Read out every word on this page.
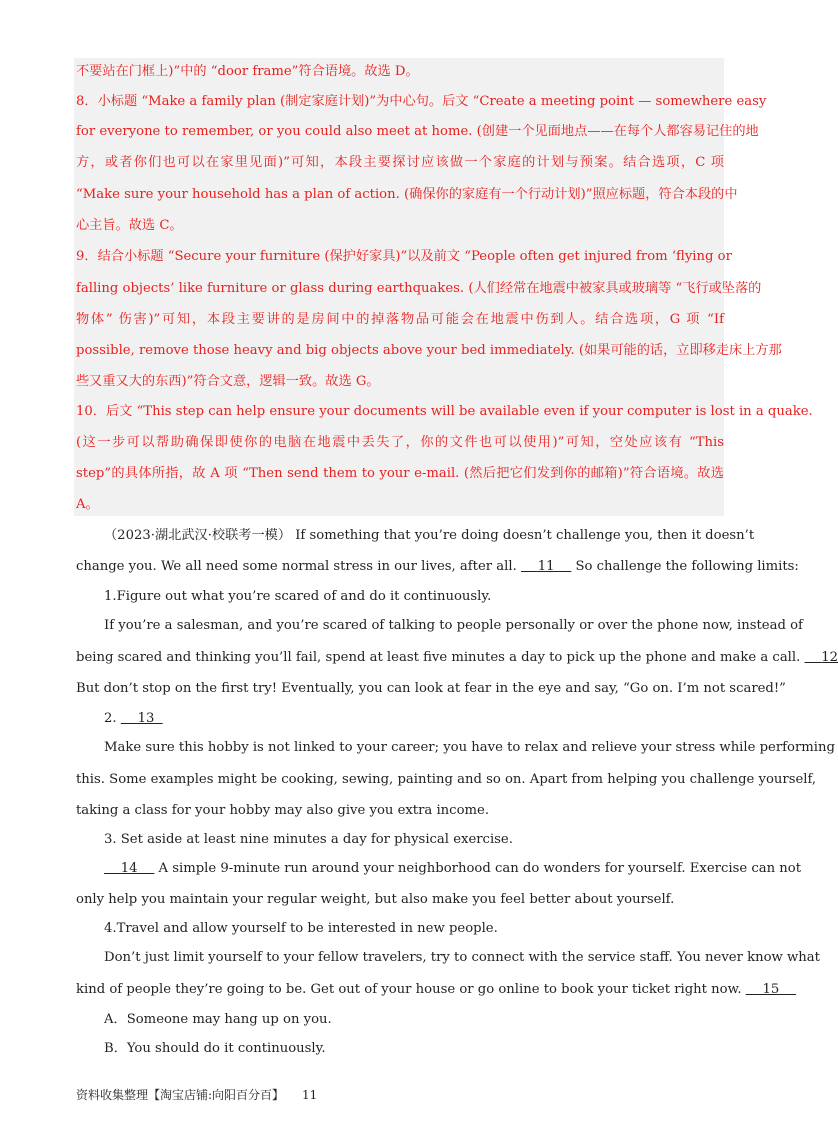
不要站在门框上)”中的 “door frame”符合语境。故选 D。
8．小标题 “Make a family plan (制定家庭计划)”为中心句。后文 “Create a meeting point — somewhere easy
for everyone to remember, or you could also meet at home. (创建一个见面地点——在每个人都容易记住的地
方，或者你们也可以在家里见面)”可知，本段主要探讨应该做一个家庭的计划与预案。结合选项，C 项
“Make sure your household has a plan of action. (确保你的家庭有一个行动计划)”照应标题，符合本段的中
心主旨。故选 C。
9．结合小标题 “Secure your furniture (保护好家具)”以及前文 “People often get injured from ‘flying or
falling objects’ like furniture or glass during earthquakes. (人们经常在地震中被家具或玻璃等 “飞行或坠落的
物体” 伤害)”可知，本段主要讲的是房间中的掉落物品可能会在地震中伤到人。结合选项，G 项 “If
possible, remove those heavy and big objects above your bed immediately. (如果可能的话，立即移走床上方那
些又重又大的东西)”符合文意，逻辑一致。故选 G。
10．后文 “This step can help ensure your documents will be available even if your computer is lost in a quake.
(这一步可以帮助确保即使你的电脑在地震中丢失了，你的文件也可以使用)”可知，空处应该有 “This
step”的具体所指，故 A 项 “Then send them to your e-mail. (然后把它们发到你的邮箱)”符合语境。故选
A。
（2023·湖北武汉·校联考一模） If something that you’re doing doesn’t challenge you, then it doesn’t
change you. We all need some normal stress in our lives, after all.     11     So challenge the following limits:
1.Figure out what you’re scared of and do it continuously.
If you’re a salesman, and you’re scared of talking to people personally or over the phone now, instead of
being scared and thinking you’ll fail, spend at least five minutes a day to pick up the phone and make a call.     12
But don’t stop on the first try! Eventually, you can look at fear in the eye and say, “Go on. I’m not scared!”
2.     13
Make sure this hobby is not linked to your career; you have to relax and relieve your stress while performing
this. Some examples might be cooking, sewing, painting and so on. Apart from helping you challenge yourself,
taking a class for your hobby may also give you extra income.
3. Set aside at least nine minutes a day for physical exercise.
14     A simple 9-minute run around your neighborhood can do wonders for yourself. Exercise can not
only help you maintain your regular weight, but also make you feel better about yourself.
4.Travel and allow yourself to be interested in new people.
Don’t just limit yourself to your fellow travelers, try to connect with the service staff. You never know what
kind of people they’re going to be. Get out of your house or go online to book your ticket right now.     15
A．Someone may hang up on you.
B．You should do it continuously.
资料收集整理【淘宝店铺:向阳百分百】 11
